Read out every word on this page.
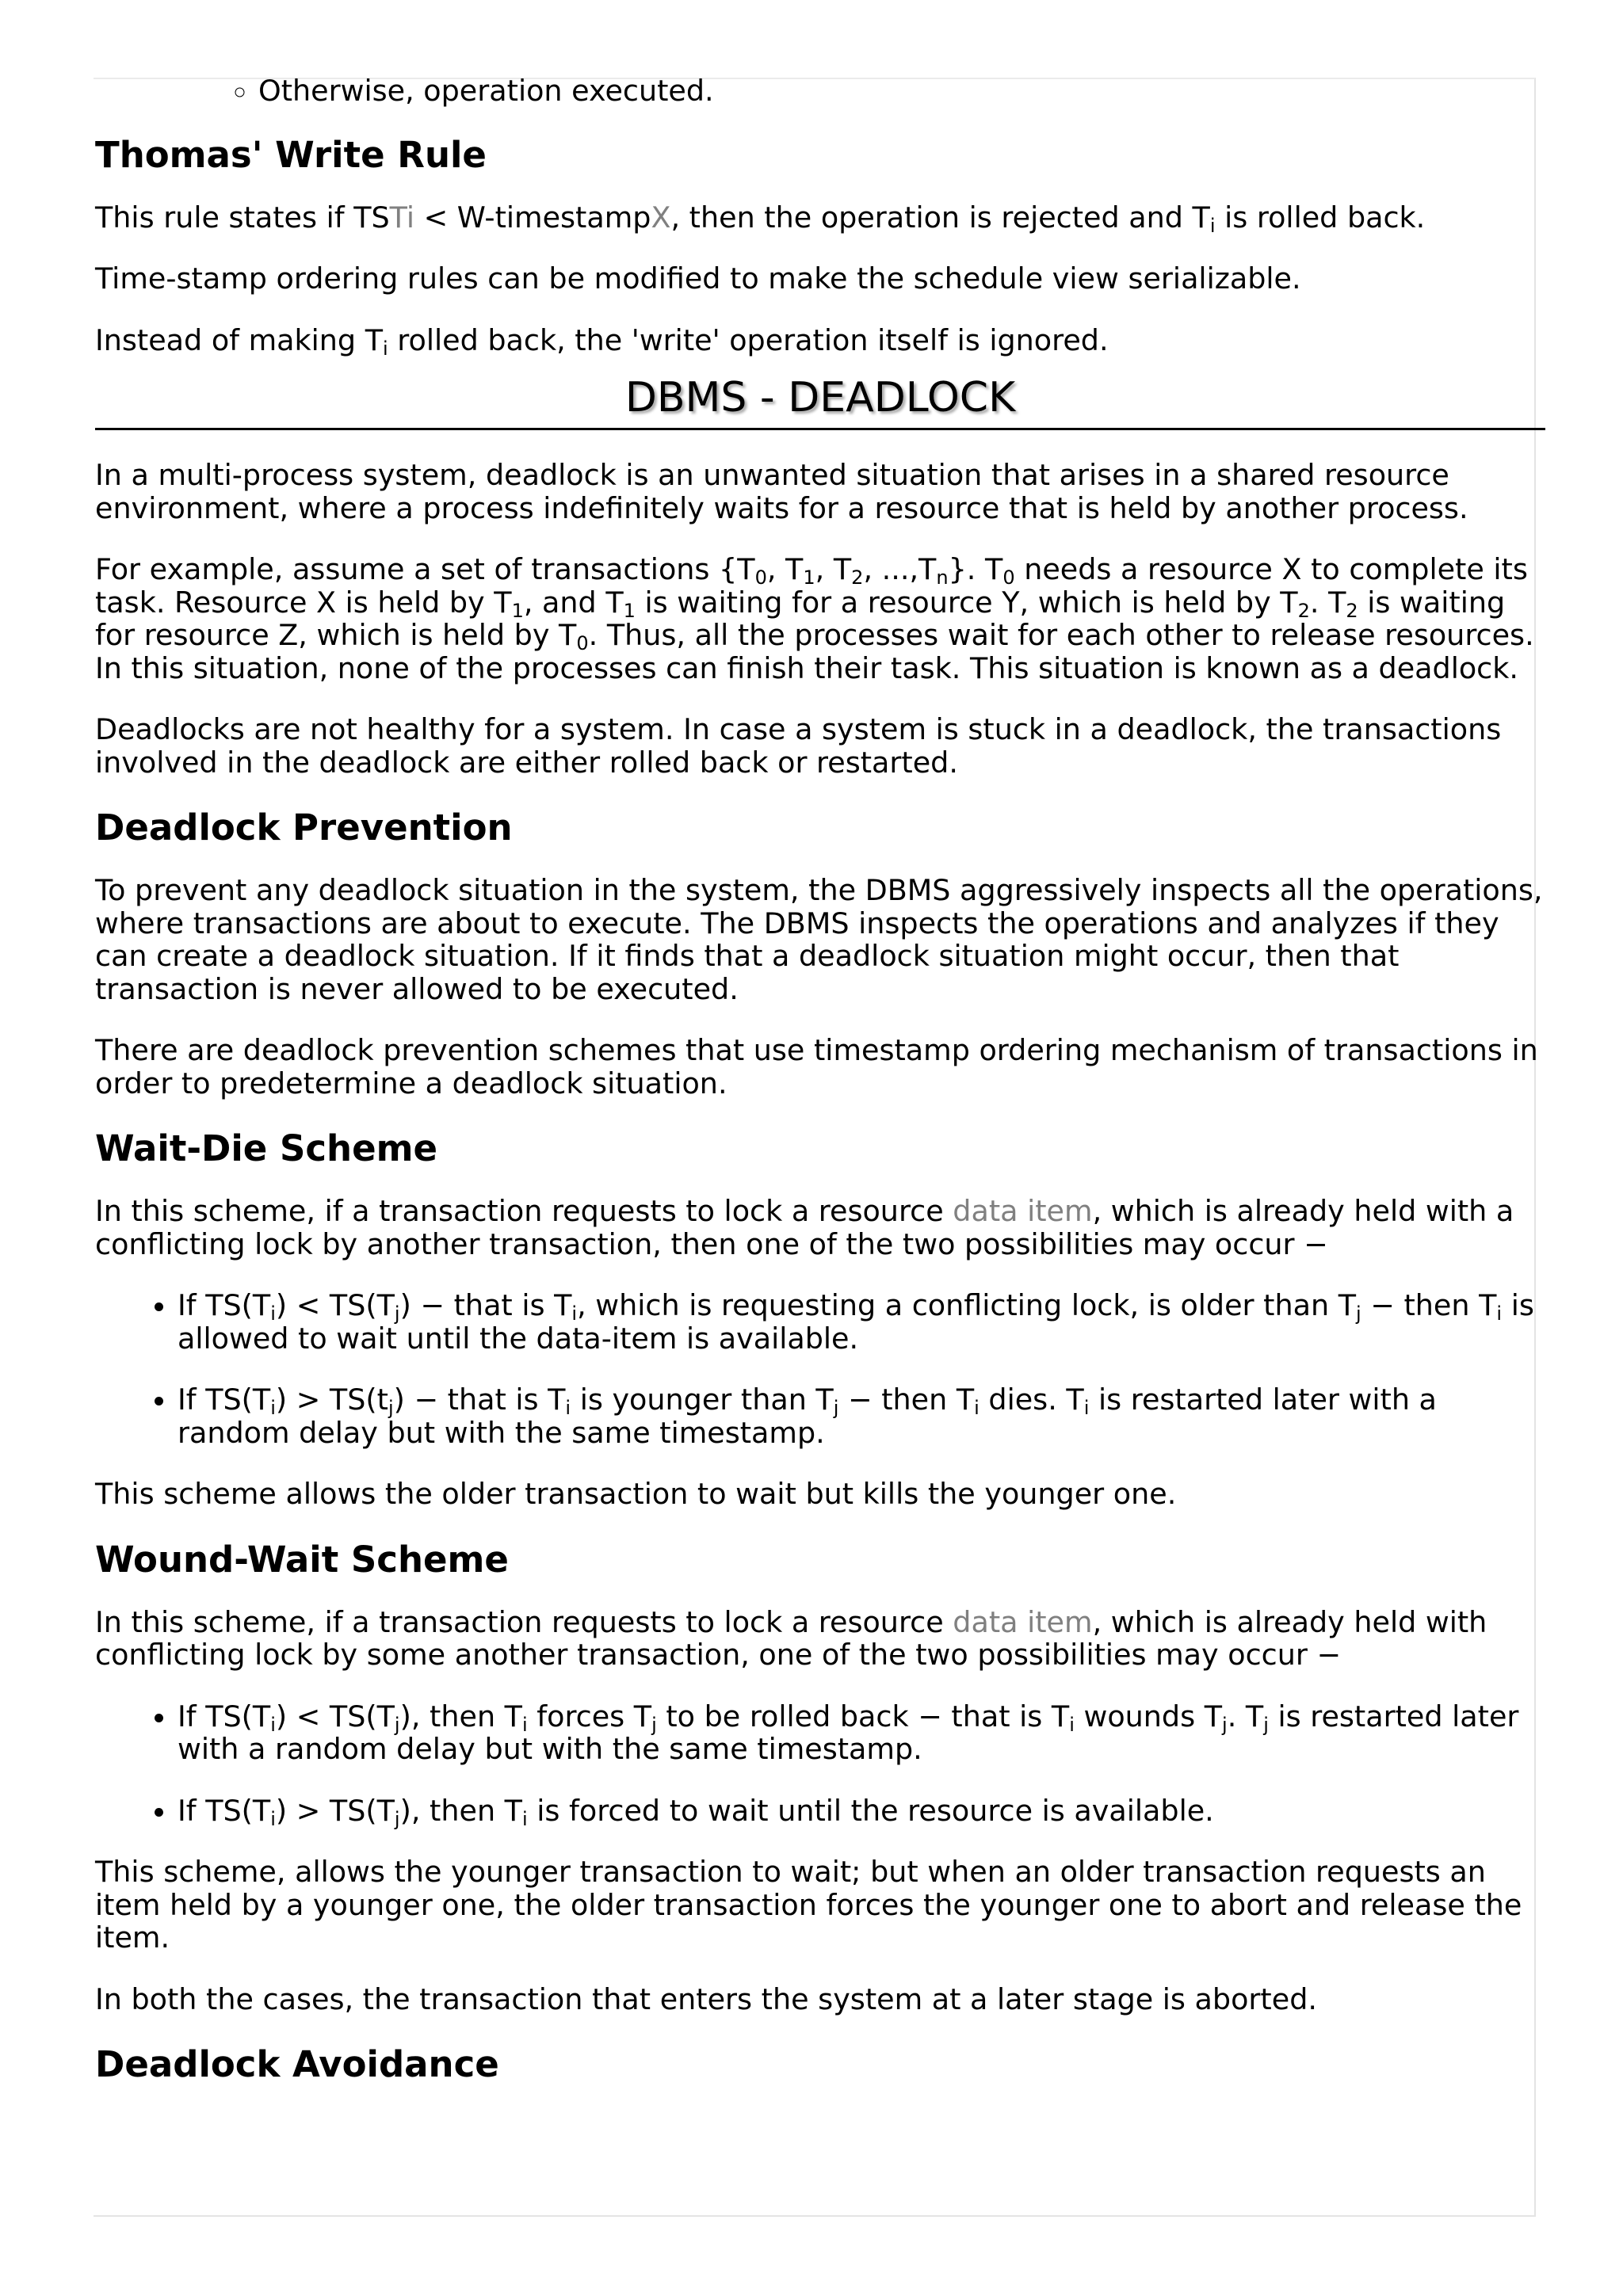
◦ Otherwise, operation executed.
Thomas' Write Rule

This rule states if TSTi < W-timestampX, then the operation is rejected and $T_i$ is rolled back.

Time-stamp ordering rules can be modified to make the schedule view serializable.

Instead of making $T_i$ rolled back, the 'write' operation itself is ignored.

DBMS - DEADLOCK

In a multi-process system, deadlock is an unwanted situation that arises in a shared resource environment, where a process indefinitely waits for a resource that is held by another process.

For example, assume a set of transactions {$T_0$, $T_1$, $T_2$, $...,T_n$}. $T_0$ needs a resource X to complete its task. Resource X is held by $T_1$, and $T_1$ is waiting for a resource Y, which is held by $T_2$. $T_2$ is waiting for resource Z, which is held by $T_0$. Thus, all the processes wait for each other to release resources. In this situation, none of the processes can finish their task. This situation is known as a deadlock.

Deadlocks are not healthy for a system. In case a system is stuck in a deadlock, the transactions involved in the deadlock are either rolled back or restarted.

Deadlock Prevention

To prevent any deadlock situation in the system, the DBMS aggressively inspects all the operations, where transactions are about to execute. The DBMS inspects the operations and analyzes if they can create a deadlock situation. If it finds that a deadlock situation might occur, then that transaction is never allowed to be executed.

There are deadlock prevention schemes that use timestamp ordering mechanism of transactions in order to predetermine a deadlock situation.

Wait-Die Scheme

In this scheme, if a transaction requests to lock a resource data item, which is already held with a conflicting lock by another transaction, then one of the two possibilities may occur −

• If $TS(T_i) < TS(T_j)$ − that is $T_i$, which is requesting a conflicting lock, is older than $T_j$ − then $T_i$ is allowed to wait until the data-item is available.
• If $TS(T_i) > TS(t_j)$ − that is $T_i$ is younger than $T_j$ − then $T_i$ dies. $T_i$ is restarted later with a random delay but with the same timestamp.

This scheme allows the older transaction to wait but kills the younger one.

Wound-Wait Scheme

In this scheme, if a transaction requests to lock a resource data item, which is already held with conflicting lock by some another transaction, one of the two possibilities may occur −

• If $TS(T_i) < TS(T_j)$, then $T_i$ forces $T_j$ to be rolled back − that is $T_i$ wounds $T_j$. $T_j$ is restarted later with a random delay but with the same timestamp.
• If $TS(T_i) > TS(T_j)$, then $T_i$ is forced to wait until the resource is available.

This scheme, allows the younger transaction to wait; but when an older transaction requests an item held by a younger one, the older transaction forces the younger one to abort and release the item.

In both the cases, the transaction that enters the system at a later stage is aborted.

Deadlock Avoidance
